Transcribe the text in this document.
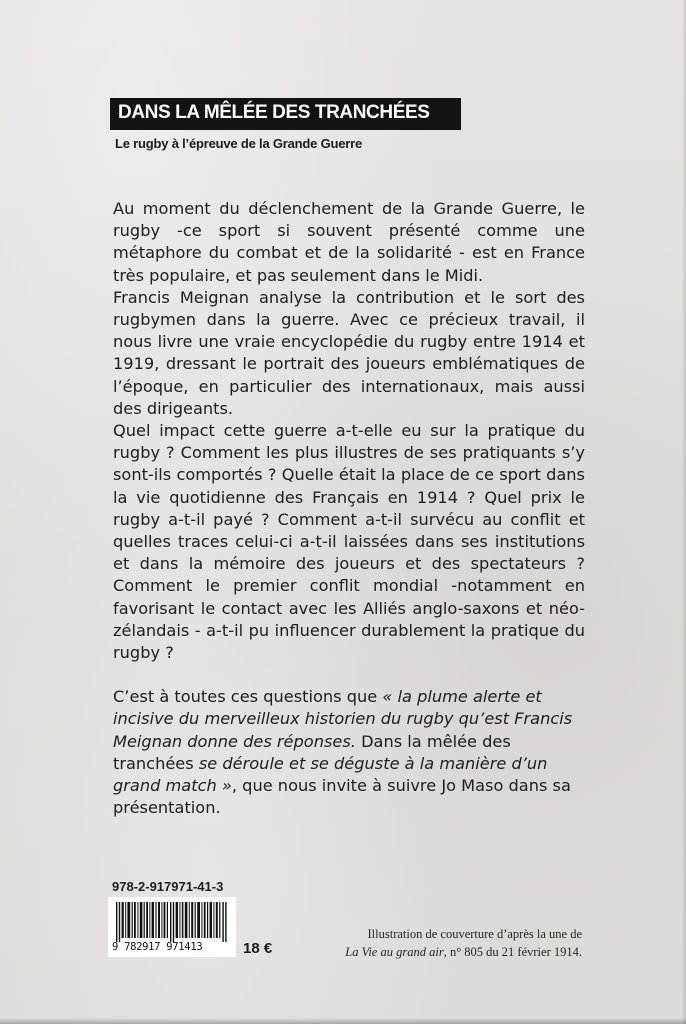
DANS LA MÊLÉE DES TRANCHÉES
Le rugby à l’épreuve de la Grande Guerre

Au moment du déclenchement de la Grande Guerre, le rugby -ce sport si souvent présenté comme une métaphore du combat et de la solidarité - est en France très populaire, et pas seulement dans le Midi.

Francis Meignan analyse la contribution et le sort des rugbymen dans la guerre. Avec ce précieux travail, il nous livre une vraie encyclopédie du rugby entre 1914 et 1919, dressant le portrait des joueurs emblématiques de l’époque, en particulier des internationaux, mais aussi des dirigeants.

Quel impact cette guerre a-t-elle eu sur la pratique du rugby ? Comment les plus illustres de ses pratiquants s’y sont-ils comportés ? Quelle était la place de ce sport dans la vie quotidienne des Français en 1914 ? Quel prix le rugby a-t-il payé ? Comment a-t-il survécu au conflit et quelles traces celui-ci a-t-il laissées dans ses institutions et dans la mémoire des joueurs et des spectateurs ? Comment le premier conflit mondial -notamment en favorisant le contact avec les Alliés anglo-saxons et néo-zélandais - a-t-il pu influencer durablement la pratique du rugby ?

C’est à toutes ces questions que « la plume alerte et incisive du merveilleux historien du rugby qu’est Francis Meignan donne des réponses. Dans la mêlée des tranchées se déroule et se déguste à la manière d’un grand match », que nous invite à suivre Jo Maso dans sa présentation.

978-2-917971-41-3
9 782917 971413	18 €
Illustration de couverture d’après la une de
La Vie au grand air, n° 805 du 21 février 1914.
